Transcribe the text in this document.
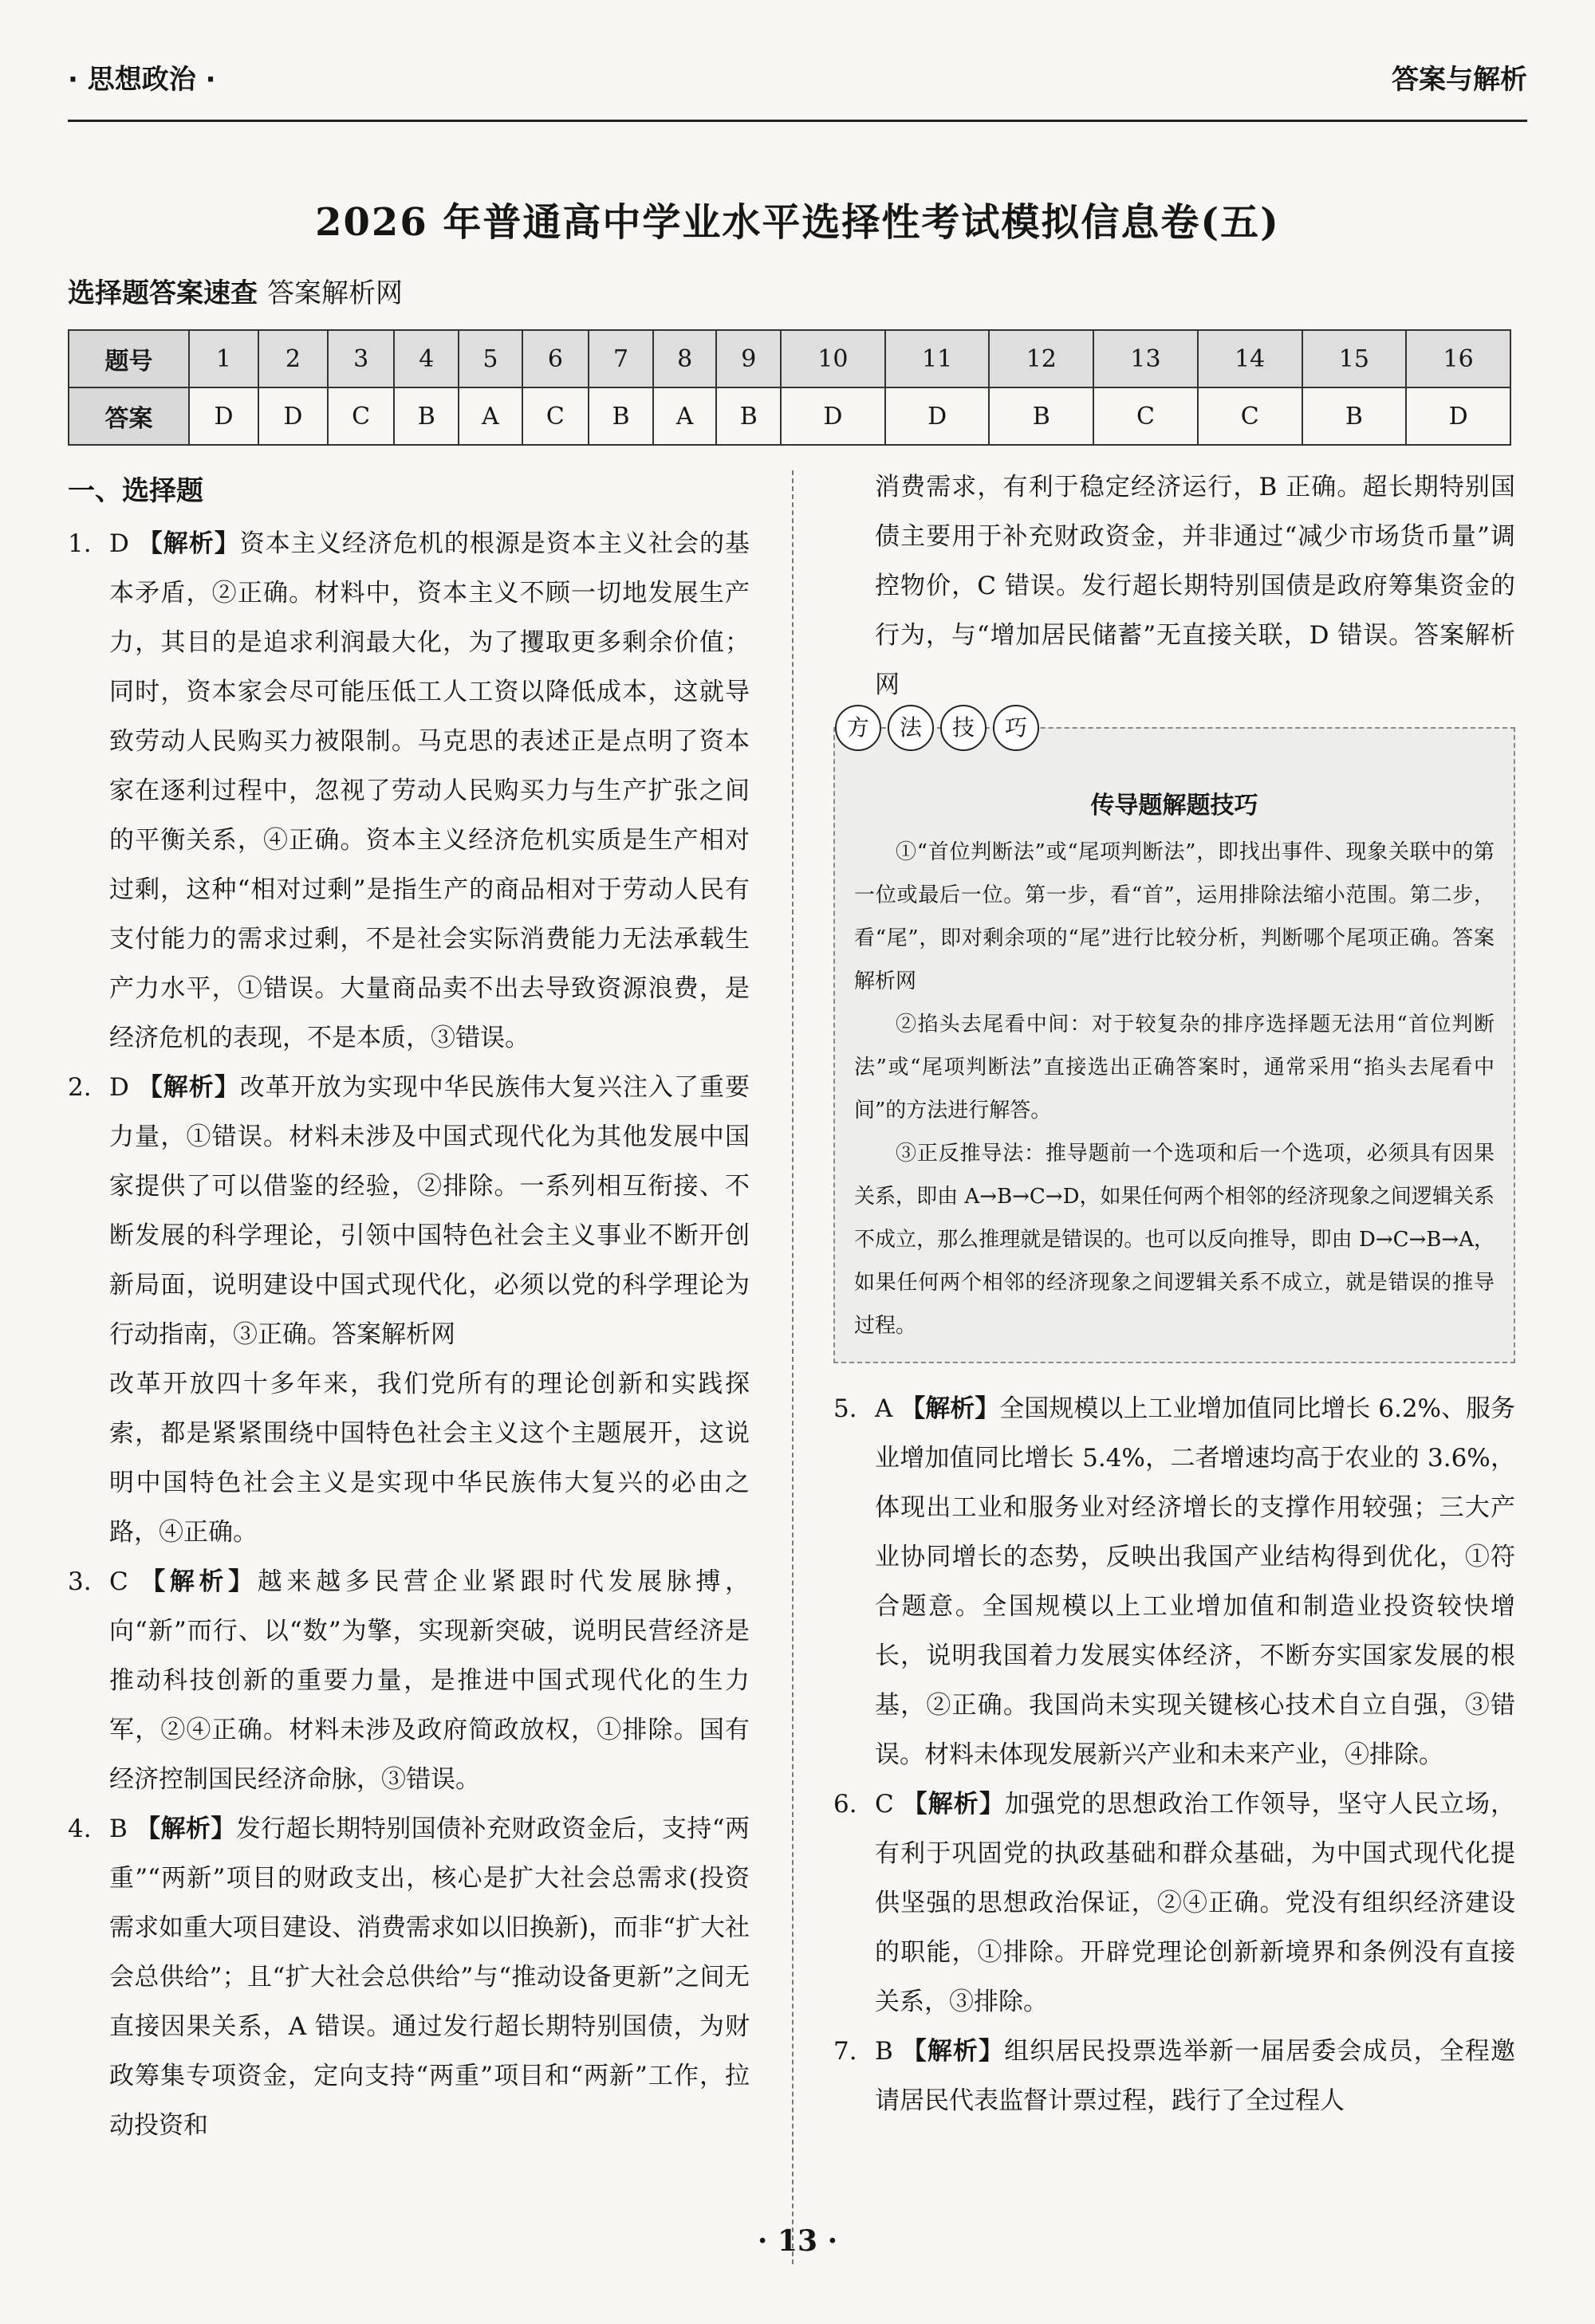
· 思想政治 ·	答案与解析
2026 年普通高中学业水平选择性考试模拟信息卷(五)
选择题答案速查 答案解析网
题号	1	2	3	4	5	6	7	8	9	10	11	12	13	14	15	16
答案	D	D	C	B	A	C	B	A	B	D	D	B	C	C	B	D
一、选择题
1. D 【解析】资本主义经济危机的根源是资本主义社会的基本矛盾，②正确。材料中，资本主义不顾一切地发展生产力，其目的是追求利润最大化，为了攫取更多剩余价值；同时，资本家会尽可能压低工人工资以降低成本，这就导致劳动人民购买力被限制。马克思的表述正是点明了资本家在逐利过程中，忽视了劳动人民购买力与生产扩张之间的平衡关系，④正确。资本主义经济危机实质是生产相对过剩，这种“相对过剩”是指生产的商品相对于劳动人民有支付能力的需求过剩，不是社会实际消费能力无法承载生产力水平，①错误。大量商品卖不出去导致资源浪费，是经济危机的表现，不是本质，③错误。
2. D 【解析】改革开放为实现中华民族伟大复兴注入了重要力量，①错误。材料未涉及中国式现代化为其他发展中国家提供了可以借鉴的经验，②排除。一系列相互衔接、不断发展的科学理论，引领中国特色社会主义事业不断开创新局面，说明建设中国式现代化，必须以党的科学理论为行动指南，③正确。答案解析网
改革开放四十多年来，我们党所有的理论创新和实践探索，都是紧紧围绕中国特色社会主义这个主题展开，这说明中国特色社会主义是实现中华民族伟大复兴的必由之路，④正确。
3. C 【解析】越来越多民营企业紧跟时代发展脉搏，向“新”而行、以“数”为擎，实现新突破，说明民营经济是推动科技创新的重要力量，是推进中国式现代化的生力军，②④正确。材料未涉及政府简政放权，①排除。国有经济控制国民经济命脉，③错误。
4. B 【解析】发行超长期特别国债补充财政资金后，支持“两重”“两新”项目的财政支出，核心是扩大社会总需求(投资需求如重大项目建设、消费需求如以旧换新)，而非“扩大社会总供给”；且“扩大社会总供给”与“推动设备更新”之间无直接因果关系，A 错误。通过发行超长期特别国债，为财政筹集专项资金，定向支持“两重”项目和“两新”工作，拉动投资和
消费需求，有利于稳定经济运行，B 正确。超长期特别国债主要用于补充财政资金，并非通过“减少市场货币量”调控物价，C 错误。发行超长期特别国债是政府筹集资金的行为，与“增加居民储蓄”无直接关联，D 错误。答案解析网
方	法	技	巧
传导题解题技巧
①“首位判断法”或“尾项判断法”，即找出事件、现象关联中的第一位或最后一位。第一步，看“首”，运用排除法缩小范围。第二步，看“尾”，即对剩余项的“尾”进行比较分析，判断哪个尾项正确。答案解析网
②掐头去尾看中间：对于较复杂的排序选择题无法用“首位判断法”或“尾项判断法”直接选出正确答案时，通常采用“掐头去尾看中间”的方法进行解答。
③正反推导法：推导题前一个选项和后一个选项，必须具有因果关系，即由 A→B→C→D，如果任何两个相邻的经济现象之间逻辑关系不成立，那么推理就是错误的。也可以反向推导，即由 D→C→B→A，如果任何两个相邻的经济现象之间逻辑关系不成立，就是错误的推导过程。
5. A 【解析】全国规模以上工业增加值同比增长 6.2%、服务业增加值同比增长 5.4%，二者增速均高于农业的 3.6%，体现出工业和服务业对经济增长的支撑作用较强；三大产业协同增长的态势，反映出我国产业结构得到优化，①符合题意。全国规模以上工业增加值和制造业投资较快增长，说明我国着力发展实体经济，不断夯实国家发展的根基，②正确。我国尚未实现关键核心技术自立自强，③错误。材料未体现发展新兴产业和未来产业，④排除。
6. C 【解析】加强党的思想政治工作领导，坚守人民立场，有利于巩固党的执政基础和群众基础，为中国式现代化提供坚强的思想政治保证，②④正确。党没有组织经济建设的职能，①排除。开辟党理论创新新境界和条例没有直接关系，③排除。
7. B 【解析】组织居民投票选举新一届居委会成员，全程邀请居民代表监督计票过程，践行了全过程人
· 13 ·
